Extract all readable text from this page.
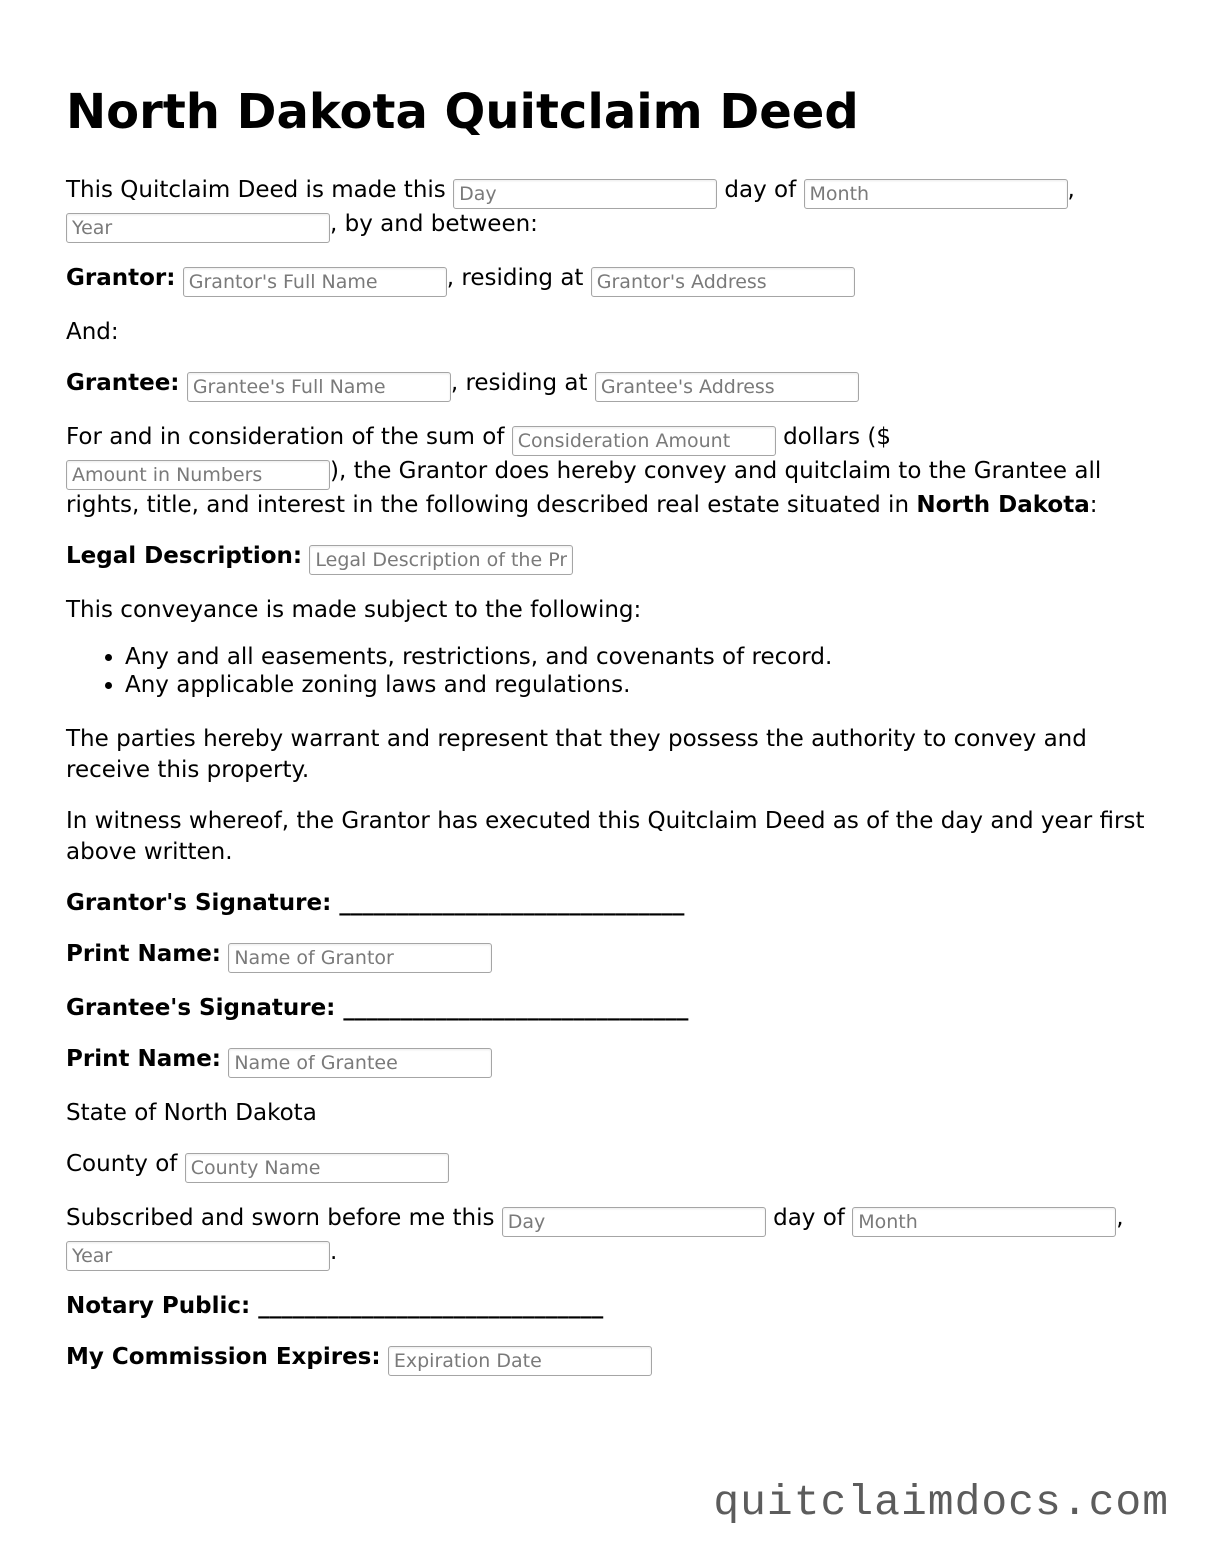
North Dakota Quitclaim Deed

This Quitclaim Deed is made this Day	day of Month	, Year, by and between:

Grantor: Grantor's Full Name	, residing at Grantor's Address

And:

Grantee: Grantee's Full Name	, residing at Grantee's Address

For and in consideration of the sum of Consideration Amount	dollars ($ Amount in Numbers), the Grantor does hereby convey and quitclaim to the Grantee all rights, title, and interest in the following described real estate situated in North Dakota:

Legal Description: Legal Description of the Property

This conveyance is made subject to the following:

• Any and all easements, restrictions, and covenants of record.
• Any applicable zoning laws and regulations.

The parties hereby warrant and represent that they possess the authority to convey and receive this property.

In witness whereof, the Grantor has executed this Quitclaim Deed as of the day and year first above written.

Grantor's Signature: ______________________________

Print Name: Name of Grantor

Grantee's Signature: ______________________________

Print Name: Name of Grantee

State of North Dakota

County of County Name

Subscribed and sworn before me this Day	day of Month	, Year.

Notary Public: ______________________________

My Commission Expires: Expiration Date

quitclaimdocs.com
